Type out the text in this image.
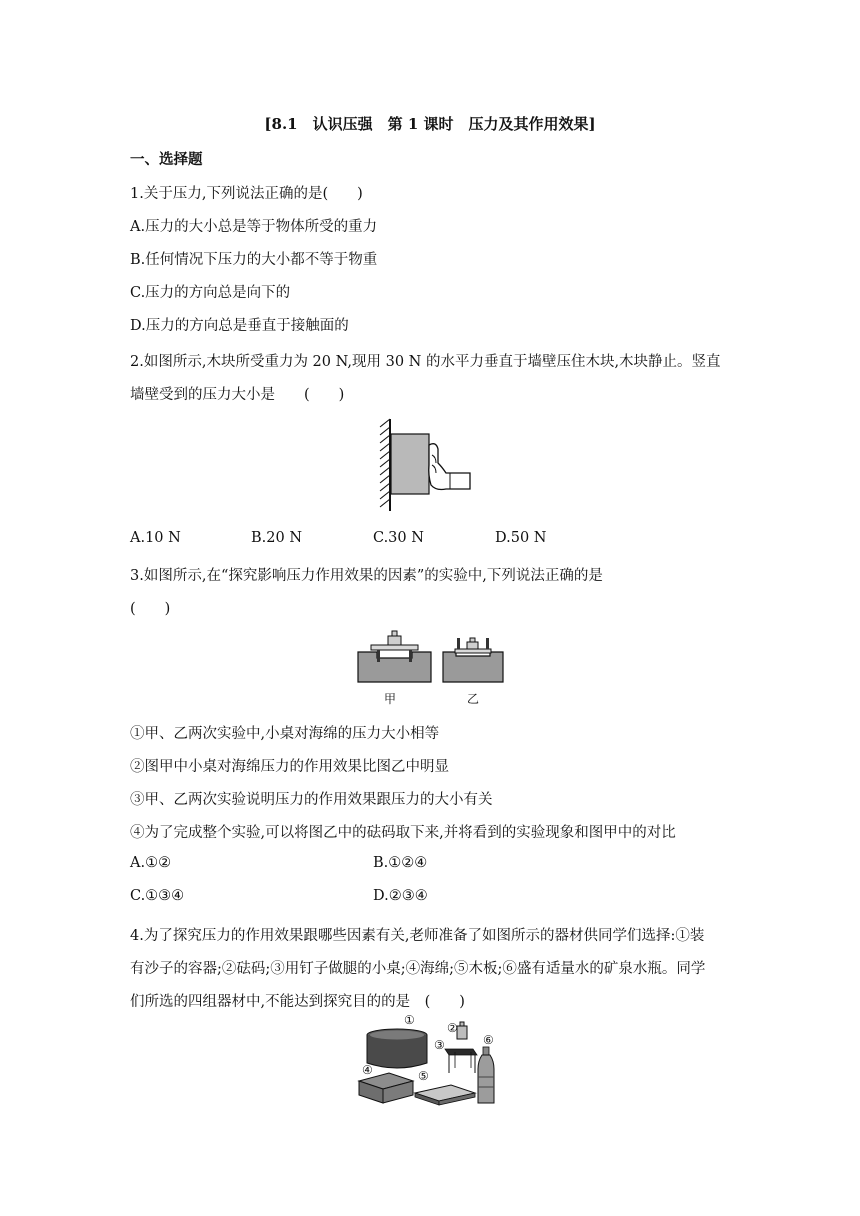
[8.1　认识压强　第 1 课时　压力及其作用效果]
一、选择题
1.关于压力,下列说法正确的是(　　)
A.压力的大小总是等于物体所受的重力
B.任何情况下压力的大小都不等于物重
C.压力的方向总是向下的
D.压力的方向总是垂直于接触面的
2.如图所示,木块所受重力为 20 N,现用 30 N 的水平力垂直于墙壁压住木块,木块静止。竖直
墙壁受到的压力大小是　　(　　)
A.10 N	B.20 N	C.30 N	D.50 N
3.如图所示,在“探究影响压力作用效果的因素”的实验中,下列说法正确的是
(　　)
甲	乙
①甲、乙两次实验中,小桌对海绵的压力大小相等
②图甲中小桌对海绵压力的作用效果比图乙中明显
③甲、乙两次实验说明压力的作用效果跟压力的大小有关
④为了完成整个实验,可以将图乙中的砝码取下来,并将看到的实验现象和图甲中的对比
A.①②	B.①②④
C.①③④	D.②③④
4.为了探究压力的作用效果跟哪些因素有关,老师准备了如图所示的器材供同学们选择:①装
有沙子的容器;②砝码;③用钉子做腿的小桌;④海绵;⑤木板;⑥盛有适量水的矿泉水瓶。同学
们所选的四组器材中,不能达到探究目的的是　(　　)
①
②
③
④	⑤
⑥
